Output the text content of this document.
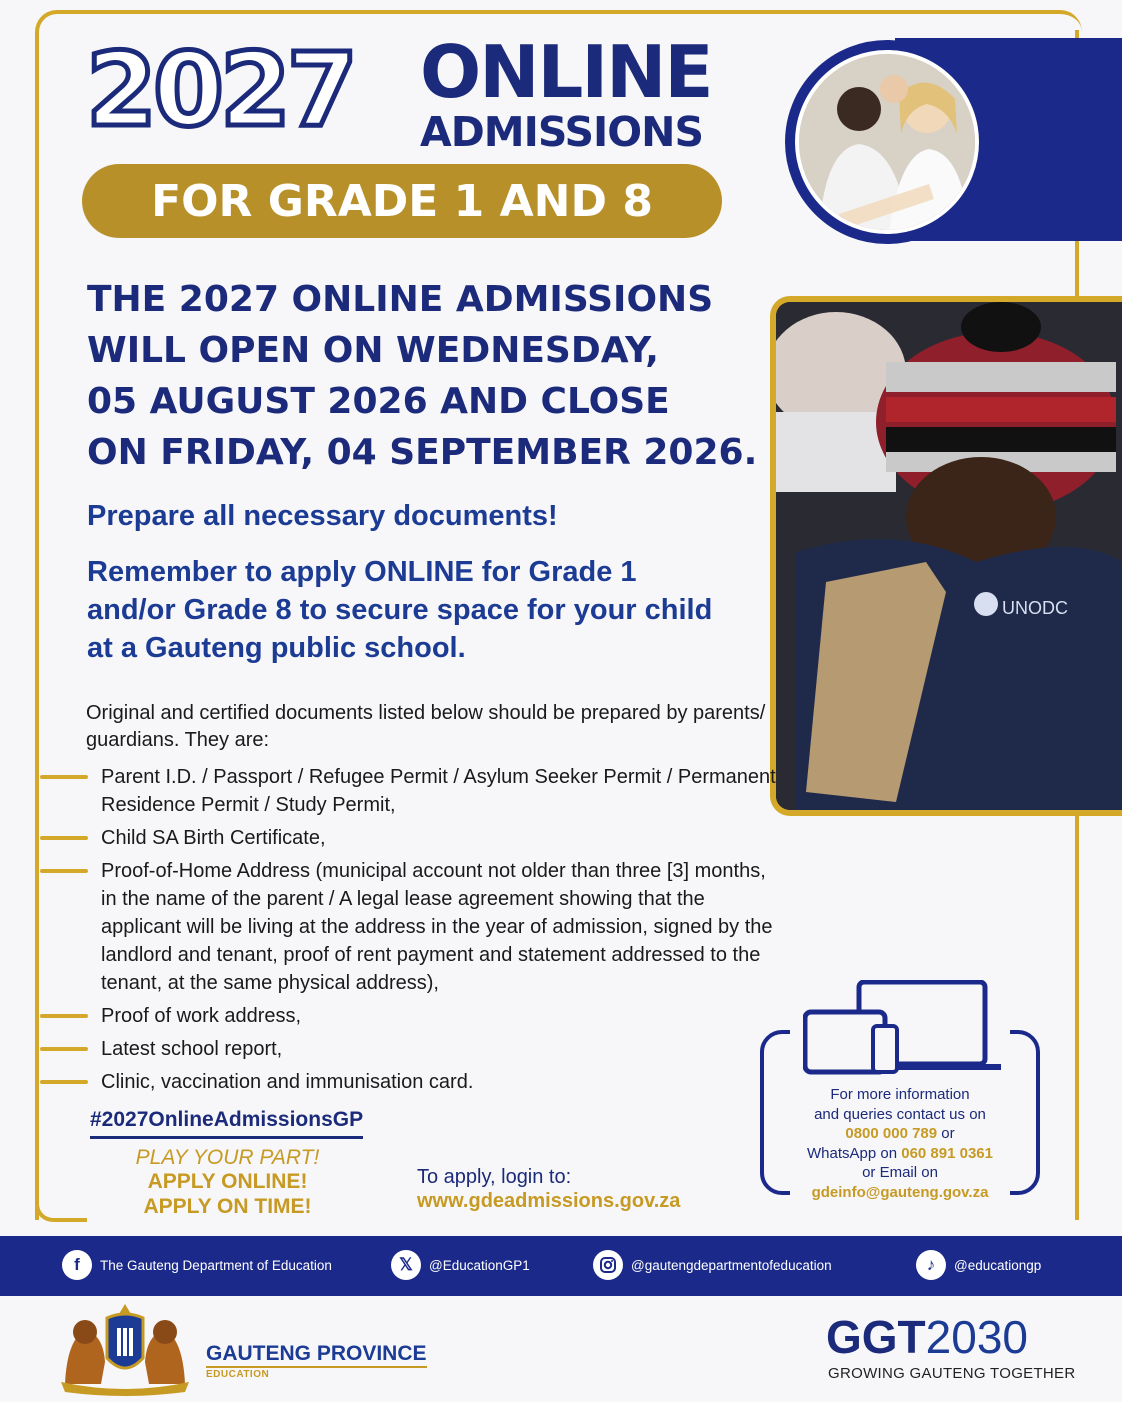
2027 ONLINE
ADMISSIONS
FOR GRADE 1 AND 8
UNODC
THE 2027 ONLINE ADMISSIONS
WILL OPEN ON WEDNESDAY,
05 AUGUST 2026 AND CLOSE
ON FRIDAY, 04 SEPTEMBER 2026.
Prepare all necessary documents!
Remember to apply ONLINE for Grade 1 and/or Grade 8 to secure space for your child at a Gauteng public school.
Original and certified documents listed below should be prepared by parents/ guardians. They are:
Parent I.D. / Passport / Refugee Permit / Asylum Seeker Permit / Permanent Residence Permit / Study Permit,
Child SA Birth Certificate,
Proof-of-Home Address (municipal account not older than three [3] months, in the name of the parent / A legal lease agreement showing that the applicant will be living at the address in the year of admission, signed by the landlord and tenant, proof of rent payment and statement addressed to the tenant, at the same physical address),
Proof of work address,
Latest school report,
Clinic, vaccination and immunisation card.
#2027OnlineAdmissionsGP
PLAY YOUR PART!
APPLY ONLINE!
APPLY ON TIME!
To apply, login to:
www.gdeadmissions.gov.za
For more information
and queries contact us on
0800 000 789 or
WhatsApp on 060 891 0361
or Email on
gdeinfo@gauteng.gov.za
f	The Gauteng Department of Education	𝕏	@EducationGP1	@gautengdepartmentofeducation	♪	@educationgp
GAUTENG PROVINCE
EDUCATION
GGT2030
GROWING GAUTENG TOGETHER
